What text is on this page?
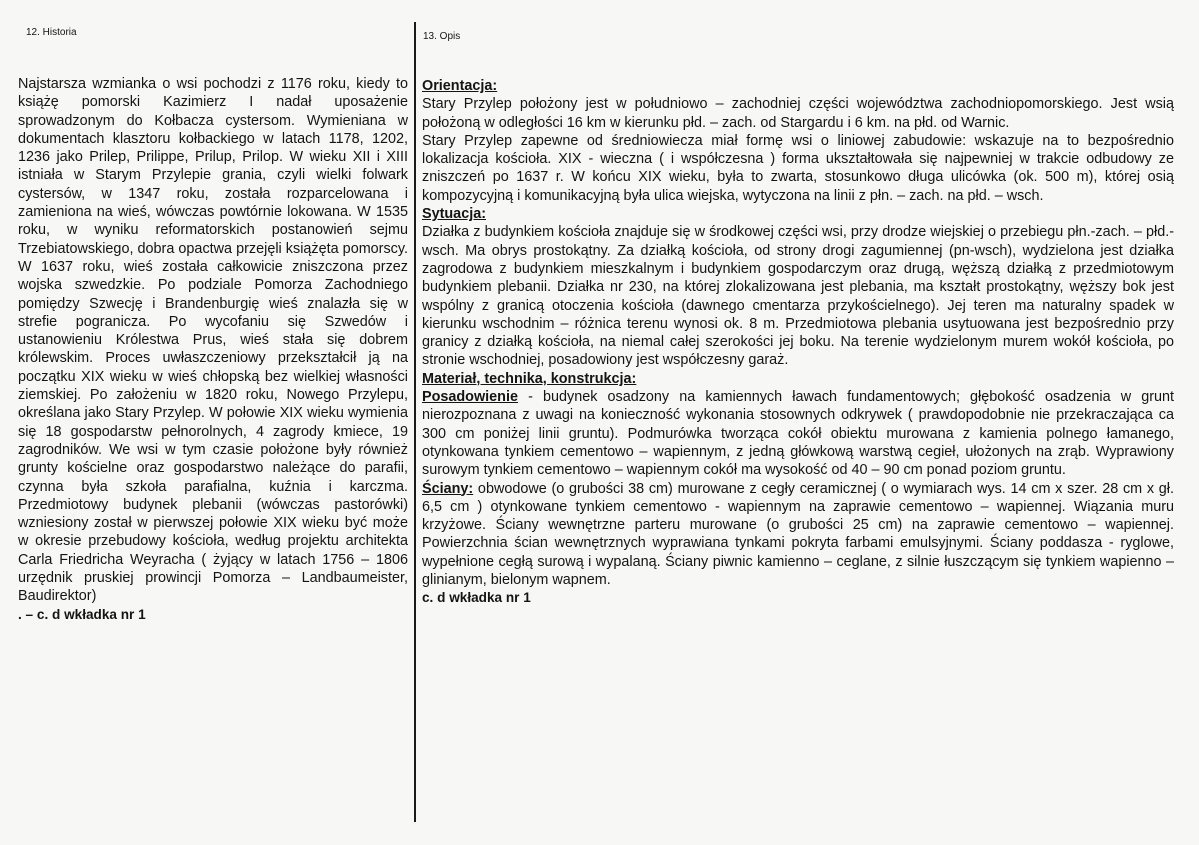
12. Historia

Najstarsza wzmianka o wsi pochodzi z 1176 roku, kiedy to książę pomorski Kazimierz I nadał uposażenie sprowadzonym do Kołbacza cystersom. Wymieniana w dokumentach klasztoru kołbackiego w latach 1178, 1202, 1236 jako Prilep, Prilippe, Prilup, Prilop. W wieku XII i XIII istniała w Starym Przylepie grania, czyli wielki folwark cystersów, w 1347 roku, została rozparcelowana i zamieniona na wieś, wówczas powtórnie lokowana. W 1535 roku, w wyniku reformatorskich postanowień sejmu Trzebiatowskiego, dobra opactwa przejęli książęta pomorscy. W 1637 roku, wieś została całkowicie zniszczona przez wojska szwedzkie. Po podziale Pomorza Zachodniego pomiędzy Szwecję i Brandenburgię wieś znalazła się w strefie pogranicza. Po wycofaniu się Szwedów i ustanowieniu Królestwa Prus, wieś stała się dobrem królewskim. Proces uwłaszczeniowy przekształcił ją na początku XIX wieku w wieś chłopską bez wielkiej własności ziemskiej. Po założeniu w 1820 roku, Nowego Przylepu, określana jako Stary Przylep. W połowie XIX wieku wymienia się 18 gospodarstw pełnorolnych, 4 zagrody kmiece, 19 zagrodników. We wsi w tym czasie położone były również grunty kościelne oraz gospodarstwo należące do parafii, czynna była szkoła parafialna, kuźnia i karczma. Przedmiotowy budynek plebanii (wówczas pastorówki) wzniesiony został w pierwszej połowie XIX wieku być może w okresie przebudowy kościoła, według projektu architekta Carla Friedricha Weyracha ( żyjący w latach 1756 – 1806 urzędnik pruskiej prowincji Pomorza – Landbaumeister, Baudirektor)

. – c. d wkładka nr 1
13. Opis
Orientacja:
Stary Przylep położony jest w południowo – zachodniej części województwa zachodniopomorskiego. Jest wsią położoną w odległości 16 km w kierunku płd. – zach. od Stargardu i 6 km. na płd. od Warnic.
Stary Przylep zapewne od średniowiecza miał formę wsi o liniowej zabudowie: wskazuje na to bezpośrednio lokalizacja kościoła. XIX - wieczna ( i współczesna ) forma ukształtowała się najpewniej w trakcie odbudowy ze zniszczeń po 1637 r. W końcu XIX wieku, była to zwarta, stosunkowo długa ulicówka (ok. 500 m), której osią kompozycyjną i komunikacyjną była ulica wiejska, wytyczona na linii z płn. – zach. na płd. – wsch.
Sytuacja:
Działka z budynkiem kościoła znajduje się w środkowej części wsi, przy drodze wiejskiej o przebiegu płn.-zach. – płd.-wsch. Ma obrys prostokątny. Za działką kościoła, od strony drogi zagumiennej (pn-wsch), wydzielona jest działka zagrodowa z budynkiem mieszkalnym i budynkiem gospodarczym oraz drugą, węższą działką z przedmiotowym budynkiem plebanii. Działka nr 230, na której zlokalizowana jest plebania, ma kształt prostokątny, węższy bok jest wspólny z granicą otoczenia kościoła (dawnego cmentarza przykościelnego). Jej teren ma naturalny spadek w kierunku wschodnim – różnica terenu wynosi ok. 8 m. Przedmiotowa plebania usytuowana jest bezpośrednio przy granicy z działką kościoła, na niemal całej szerokości jej boku. Na terenie wydzielonym murem wokół kościoła, po stronie wschodniej, posadowiony jest współczesny garaż.
Materiał, technika, konstrukcja:
Posadowienie - budynek osadzony na kamiennych ławach fundamentowych; głębokość osadzenia w grunt nierozpoznana z uwagi na konieczność wykonania stosownych odkrywek ( prawdopodobnie nie przekraczająca ca 300 cm poniżej linii gruntu). Podmurówka tworząca cokół obiektu murowana z kamienia polnego łamanego, otynkowana tynkiem cementowo – wapiennym, z jedną główkową warstwą cegieł, ułożonych na zrąb. Wyprawiony surowym tynkiem cementowo – wapiennym cokół ma wysokość od 40 – 90 cm ponad poziom gruntu.
Ściany: obwodowe (o grubości 38 cm) murowane z cegły ceramicznej ( o wymiarach wys. 14 cm x szer. 28 cm x gł. 6,5 cm ) otynkowane tynkiem cementowo - wapiennym na zaprawie cementowo – wapiennej. Wiązania muru krzyżowe. Ściany wewnętrzne parteru murowane (o grubości 25 cm) na zaprawie cementowo – wapiennej. Powierzchnia ścian wewnętrznych wyprawiana tynkami pokryta farbami emulsyjnymi. Ściany poddasza - ryglowe, wypełnione cegłą surową i wypalaną. Ściany piwnic kamienno – ceglane, z silnie łuszczącym się tynkiem wapienno – glinianym, bielonym wapnem.
c. d wkładka nr 1
